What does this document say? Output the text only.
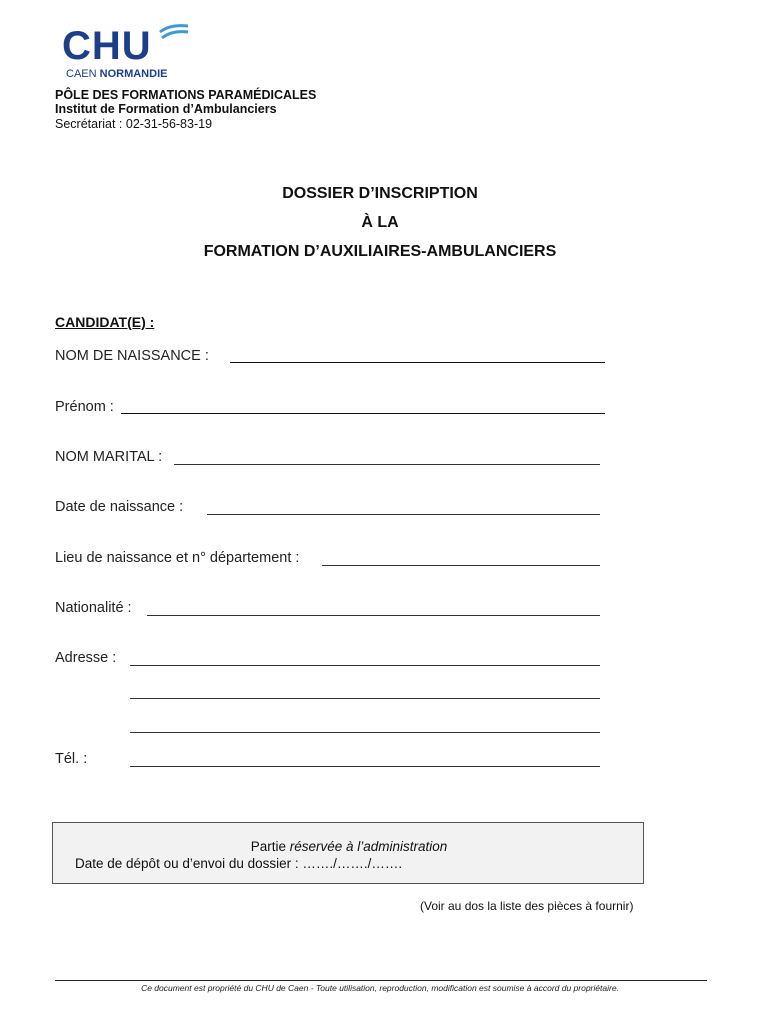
CHU
CAEN NORMANDIE
PÔLE DES FORMATIONS PARAMÉDICALES
Institut de Formation d’Ambulanciers
Secrétariat : 02-31-56-83-19
DOSSIER D’INSCRIPTION
À LA
FORMATION D’AUXILIAIRES-AMBULANCIERS
CANDIDAT(E) :
NOM DE NAISSANCE :
Prénom :
NOM MARITAL :
Date de naissance :
Lieu de naissance et n° département :
Nationalité :
Adresse :
Tél. :
Partie réservée à l’administration
Date de dépôt ou d’envoi du dossier : ……./……./…….
(Voir au dos la liste des pièces à fournir)
Ce document est propriété du CHU de Caen - Toute utilisation, reproduction, modification est soumise à accord du propriétaire.
